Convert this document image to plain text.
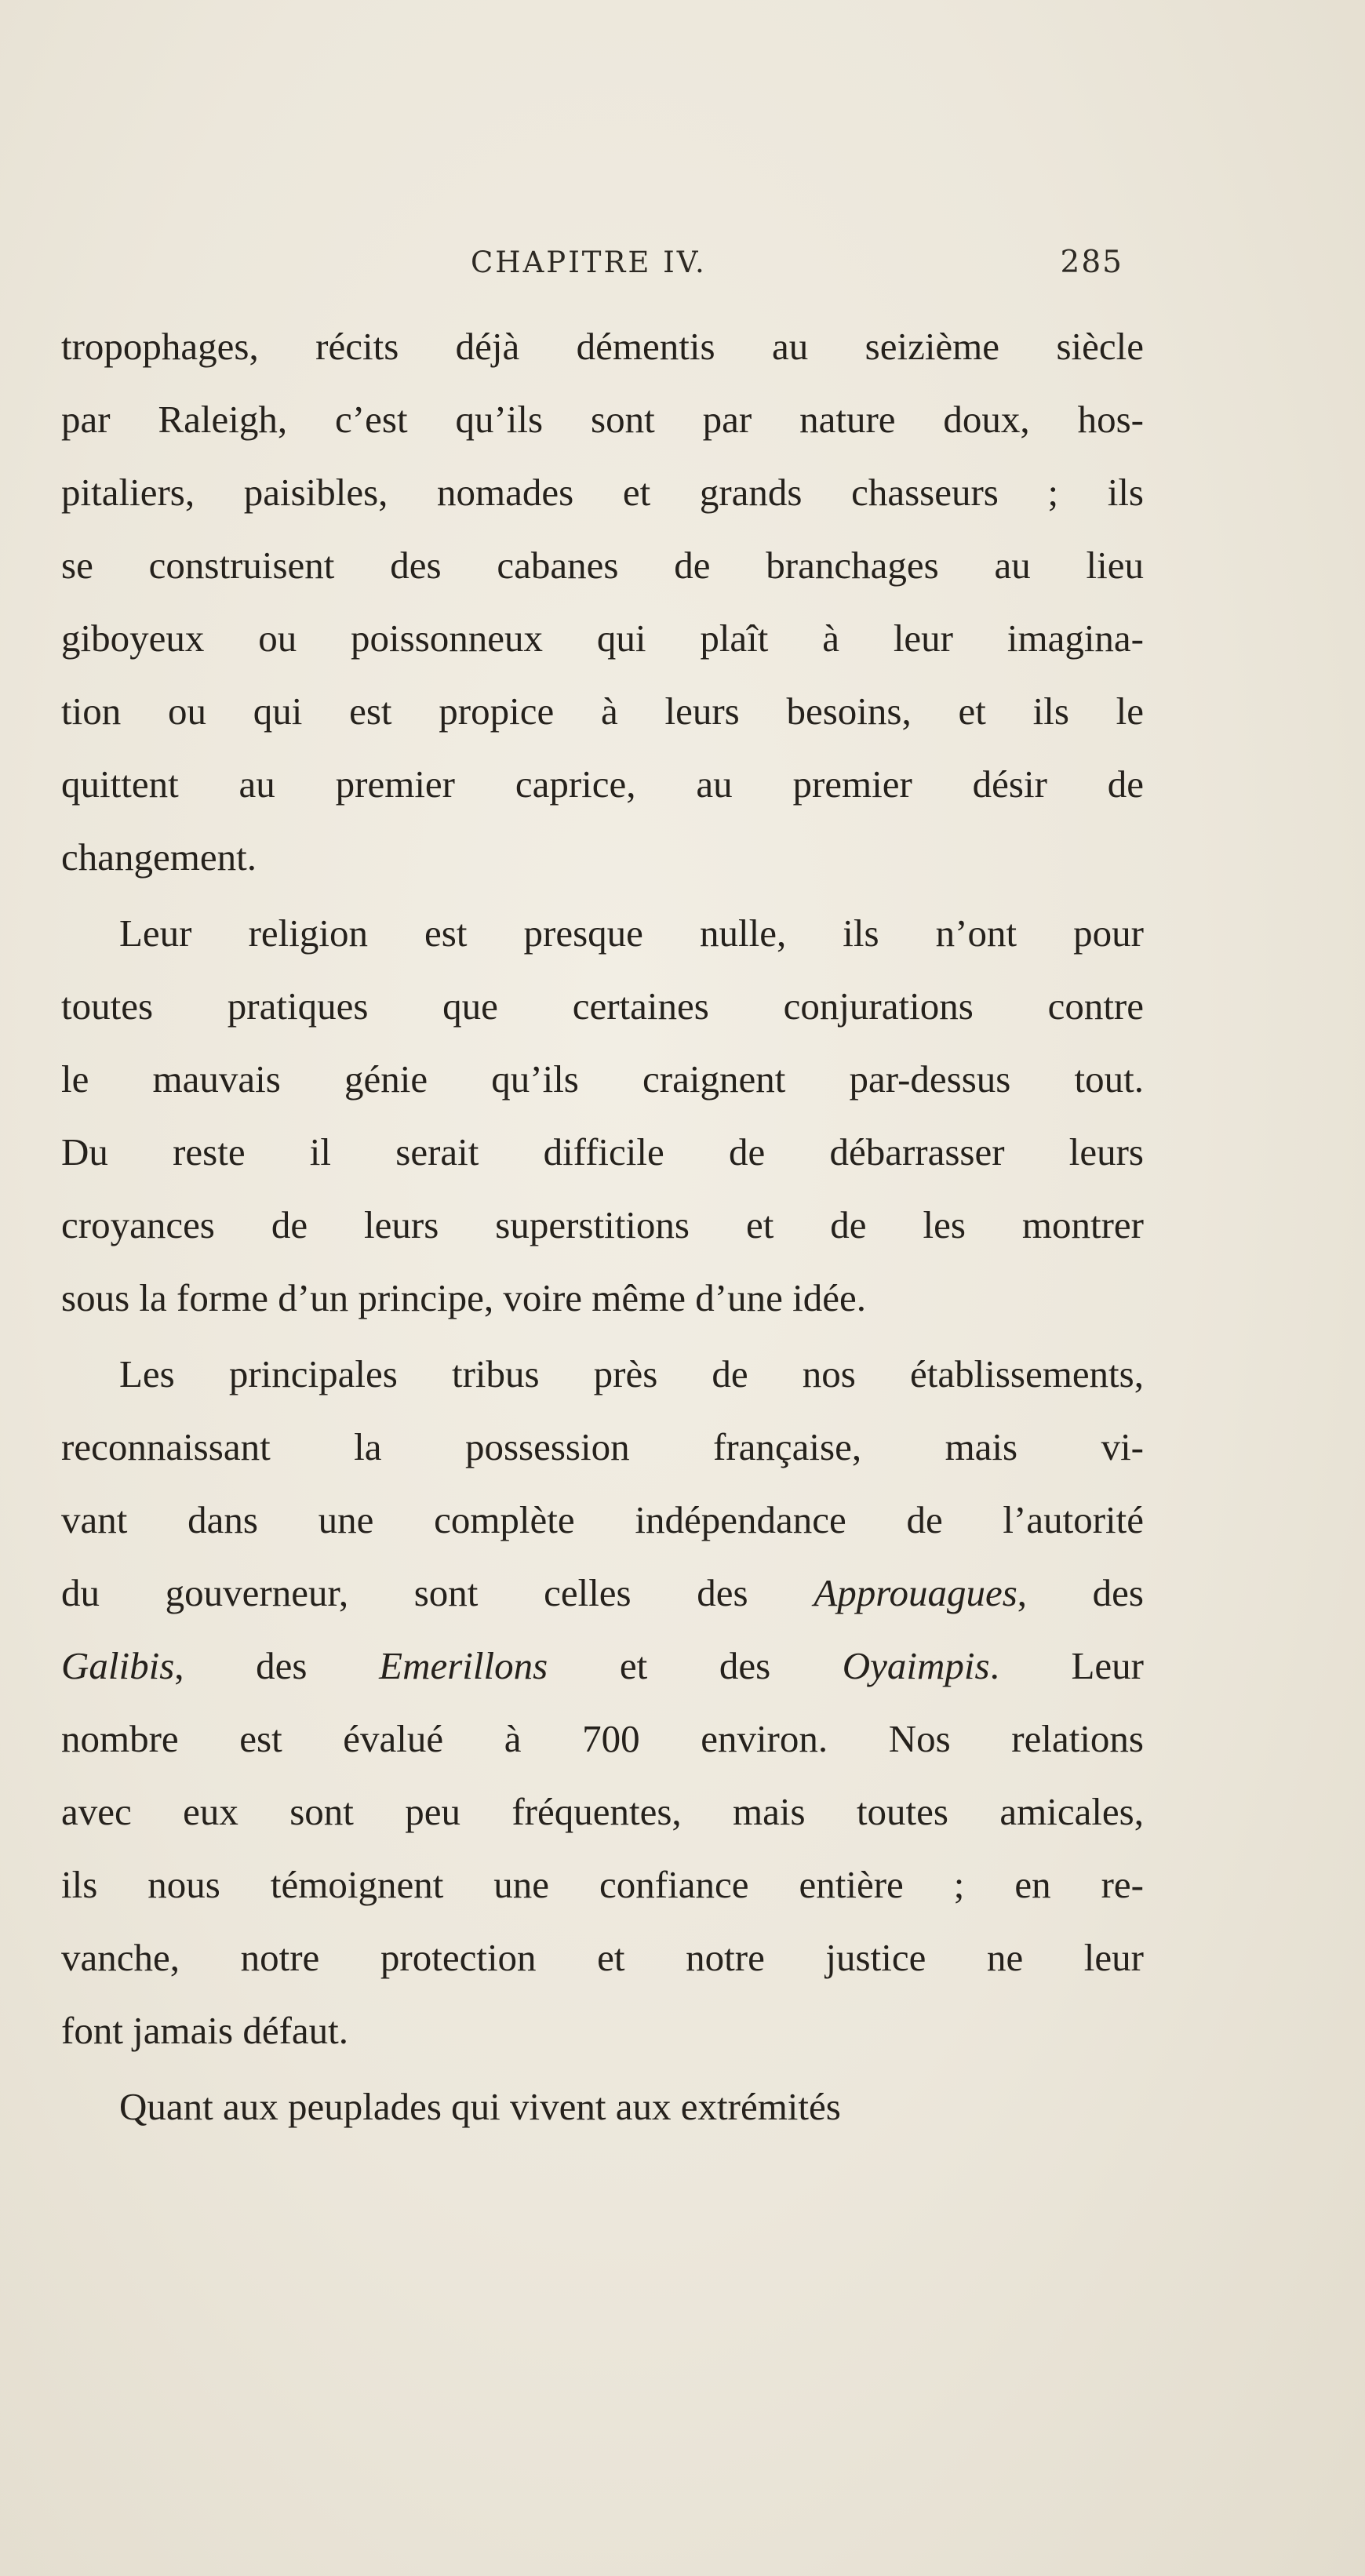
CHAPITRE IV.	285
tropophages, récits déjà démentis au seizième siècle
par Raleigh, c’est qu’ils sont par nature doux, hos-
pitaliers, paisibles, nomades et grands chasseurs ; ils
se construisent des cabanes de branchages au lieu
giboyeux ou poissonneux qui plaît à leur imagina-
tion ou qui est propice à leurs besoins, et ils le
quittent au premier caprice, au premier désir de
changement.
Leur religion est presque nulle, ils n’ont pour
toutes pratiques que certaines conjurations contre
le mauvais génie qu’ils craignent par-dessus tout.
Du reste il serait difficile de débarrasser leurs
croyances de leurs superstitions et de les montrer
sous la forme d’un principe, voire même d’une idée.
Les principales tribus près de nos établissements,
reconnaissant la possession française, mais vi-
vant dans une complète indépendance de l’autorité
du gouverneur, sont celles des Approuagues, des
Galibis, des Emerillons et des Oyaimpis. Leur
nombre est évalué à 700 environ. Nos relations
avec eux sont peu fréquentes, mais toutes amicales,
ils nous témoignent une confiance entière ; en re-
vanche, notre protection et notre justice ne leur
font jamais défaut.
Quant aux peuplades qui vivent aux extrémités
